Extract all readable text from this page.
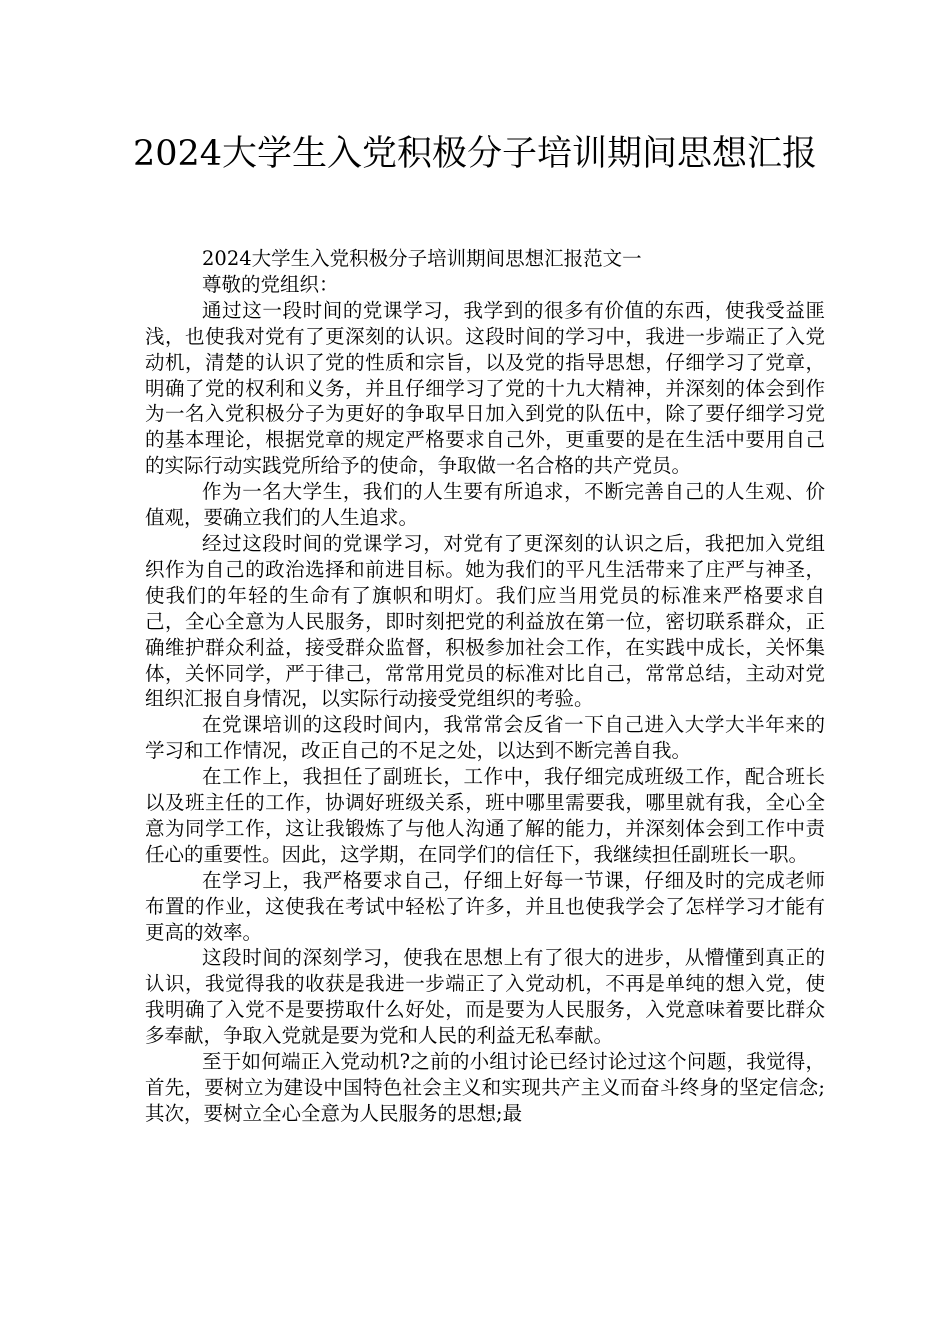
2024大学生入党积极分子培训期间思想汇报

2024大学生入党积极分子培训期间思想汇报范文一

尊敬的党组织：

通过这一段时间的党课学习，我学到的很多有价值的东西，使我受益匪浅，也使我对党有了更深刻的认识。这段时间的学习中，我进一步端正了入党动机，清楚的认识了党的性质和宗旨，以及党的指导思想，仔细学习了党章，明确了党的权利和义务，并且仔细学习了党的十九大精神，并深刻的体会到作为一名入党积极分子为更好的争取早日加入到党的队伍中，除了要仔细学习党的基本理论，根据党章的规定严格要求自己外，更重要的是在生活中要用自己的实际行动实践党所给予的使命，争取做一名合格的共产党员。

作为一名大学生，我们的人生要有所追求，不断完善自己的人生观、价值观，要确立我们的人生追求。

经过这段时间的党课学习，对党有了更深刻的认识之后，我把加入党组织作为自己的政治选择和前进目标。她为我们的平凡生活带来了庄严与神圣，使我们的年轻的生命有了旗帜和明灯。我们应当用党员的标准来严格要求自己，全心全意为人民服务，即时刻把党的利益放在第一位，密切联系群众，正确维护群众利益，接受群众监督，积极参加社会工作，在实践中成长，关怀集体，关怀同学，严于律己，常常用党员的标准对比自己，常常总结，主动对党组织汇报自身情况，以实际行动接受党组织的考验。

在党课培训的这段时间内，我常常会反省一下自己进入大学大半年来的学习和工作情况，改正自己的不足之处，以达到不断完善自我。

在工作上，我担任了副班长，工作中，我仔细完成班级工作，配合班长以及班主任的工作，协调好班级关系，班中哪里需要我，哪里就有我，全心全意为同学工作，这让我锻炼了与他人沟通了解的能力，并深刻体会到工作中责任心的重要性。因此，这学期，在同学们的信任下，我继续担任副班长一职。

在学习上，我严格要求自己，仔细上好每一节课，仔细及时的完成老师布置的作业，这使我在考试中轻松了许多，并且也使我学会了怎样学习才能有更高的效率。

这段时间的深刻学习，使我在思想上有了很大的进步，从懵懂到真正的认识，我觉得我的收获是我进一步端正了入党动机，不再是单纯的想入党，使我明确了入党不是要捞取什么好处，而是要为人民服务，入党意味着要比群众多奉献，争取入党就是要为党和人民的利益无私奉献。

至于如何端正入党动机?之前的小组讨论已经讨论过这个问题，我觉得，首先，要树立为建设中国特色社会主义和实现共产主义而奋斗终身的坚定信念;其次，要树立全心全意为人民服务的思想;最
